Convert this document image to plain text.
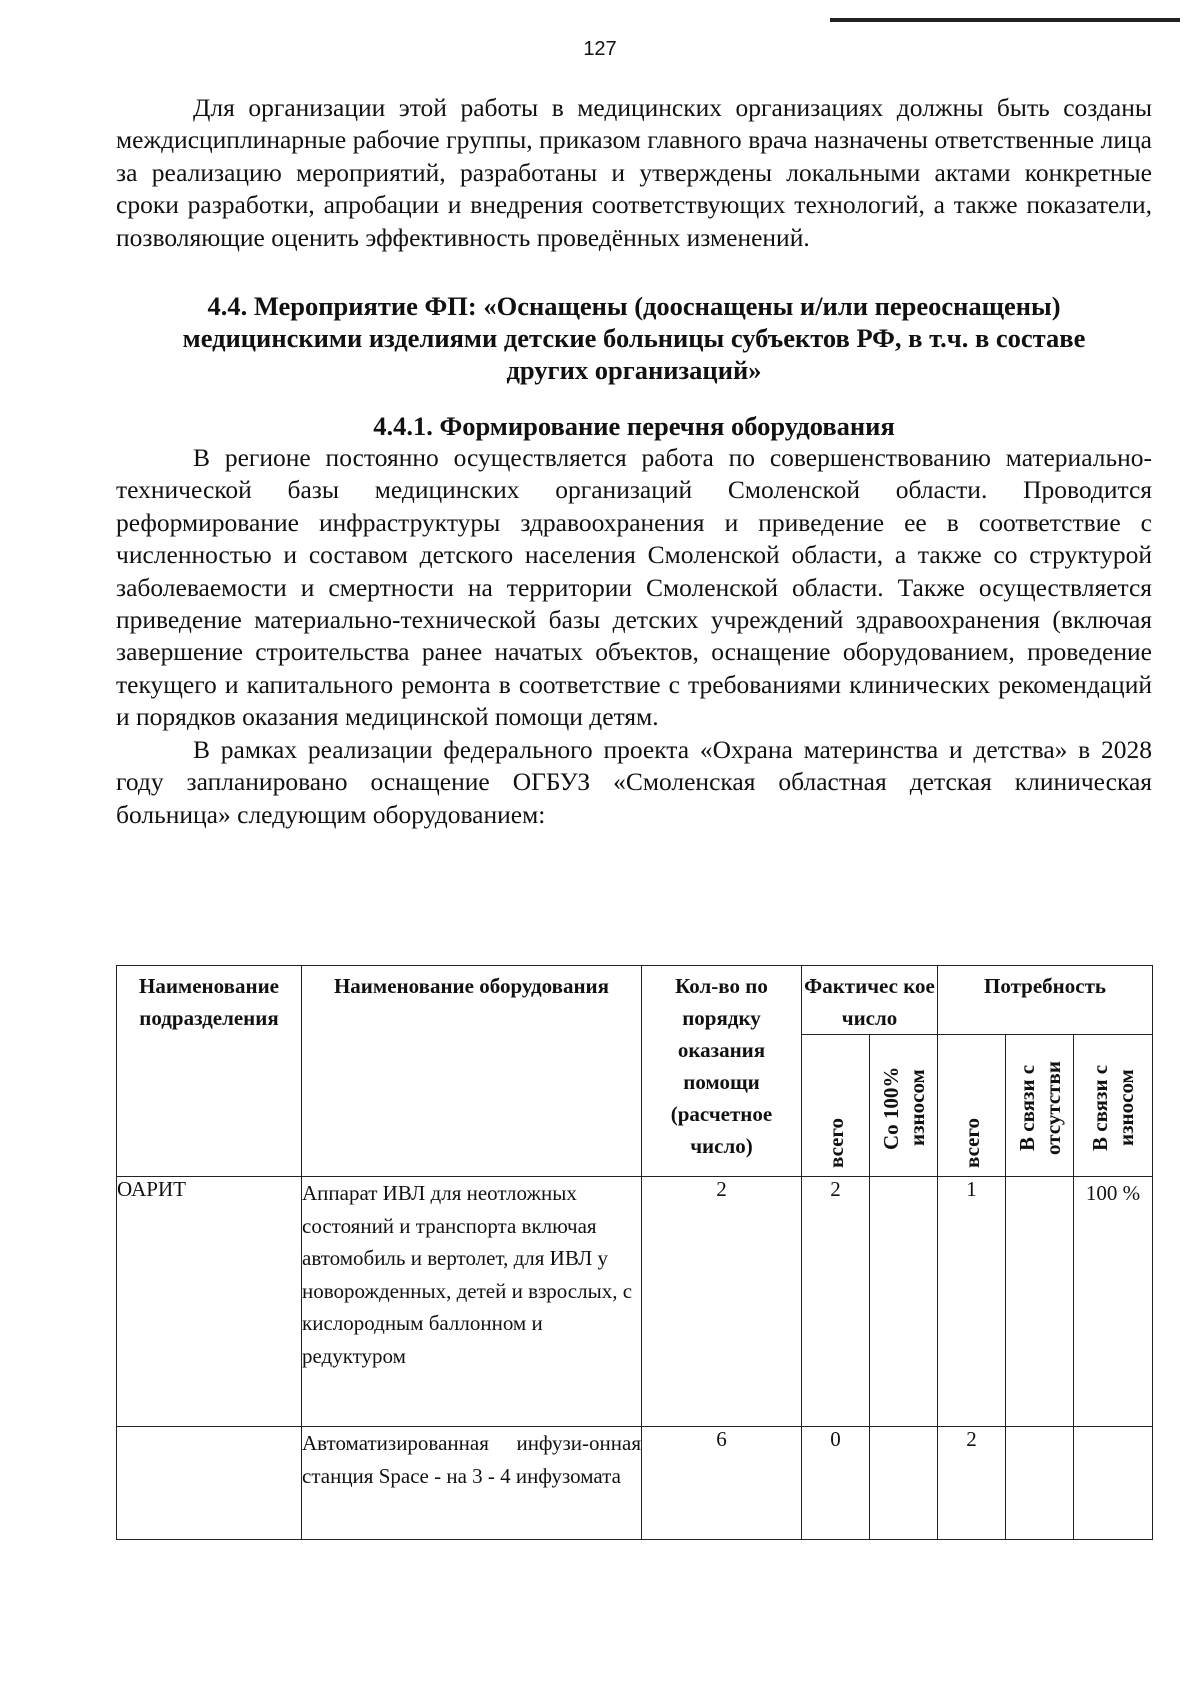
127

Для организации этой работы в медицинских организациях должны быть созданы междисциплинарные рабочие группы, приказом главного врача назначены ответственные лица за реализацию мероприятий, разработаны и утверждены локальными актами конкретные сроки разработки, апробации и внедрения соответствующих технологий, а также показатели, позволяющие оценить эффективность проведённых изменений.

4.4. Мероприятие ФП: «Оснащены (дооснащены и/или переоснащены)
медицинскими изделиями детские больницы субъектов РФ, в т.ч. в составе
других организаций»
4.4.1. Формирование перечня оборудования

В регионе постоянно осуществляется работа по совершенствованию материально-технической базы медицинских организаций Смоленской области. Проводится реформирование инфраструктуры здравоохранения и приведение ее в соответствие с численностью и составом детского населения Смоленской области, а также со структурой заболеваемости и смертности на территории Смоленской области. Также осуществляется приведение материально-технической базы детских учреждений здравоохранения (включая завершение строительства ранее начатых объектов, оснащение оборудованием, проведение текущего и капитального ремонта в соответствие с требованиями клинических рекомендаций и порядков оказания медицинской помощи детям.

В рамках реализации федерального проекта «Охрана материнства и детства» в 2028 году запланировано оснащение ОГБУЗ «Смоленская областная детская клиническая больница» следующим оборудованием:

Наименование подразделения	Наименование оборудования	Кол-во по порядку оказания помощи (расчетное число)	Фактичес кое число		Потребность		

			всего	Со 100% износом	всего	В связи с отсутстви	В связи с износом

ОАРИТ	Аппарат ИВЛ для неотложных состояний и транспорта включая автомобиль и вертолет, для ИВЛ у новорожденных, детей и взрослых, с кислородным баллонном и редуктуром	2	2		1		100 %
	Автоматизированная инфузи-онная станция Space - на 3 - 4 инфузомата	6	0		2		
